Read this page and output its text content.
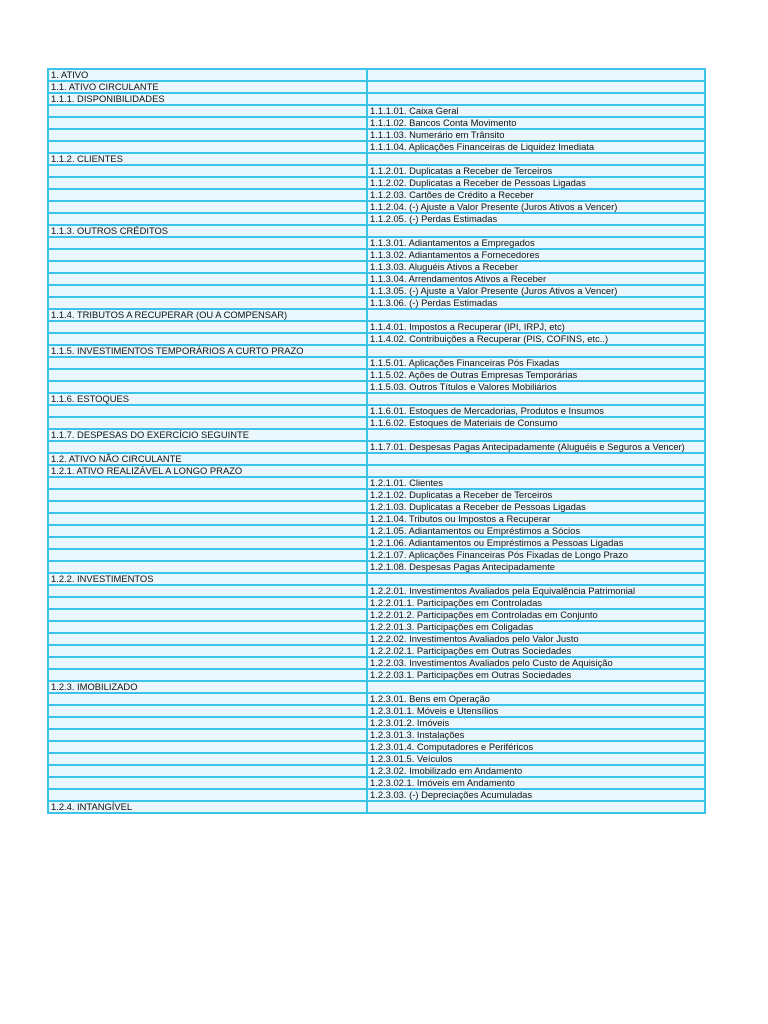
1. ATIVO	
1.1. ATIVO CIRCULANTE	
1.1.1. DISPONIBILIDADES	
	1.1.1.01. Caixa Geral
	1.1.1.02. Bancos Conta Movimento
	1.1.1.03. Numerário em Trânsito
	1.1.1.04. Aplicações Financeiras de Liquidez Imediata
1.1.2. CLIENTES	
	1.1.2.01. Duplicatas a Receber de Terceiros
	1.1.2.02. Duplicatas a Receber de Pessoas Ligadas
	1.1.2.03. Cartões de Crédito a Receber
	1.1.2.04. (-) Ajuste a Valor Presente (Juros Ativos a Vencer)
	1.1.2.05. (-) Perdas Estimadas
1.1.3. OUTROS CRÉDITOS	
	1.1.3.01. Adiantamentos a Empregados
	1.1.3.02. Adiantamentos a Fornecedores
	1.1.3.03. Aluguéis Ativos a Receber
	1.1.3.04. Arrendamentos Ativos a Receber
	1.1.3.05. (-) Ajuste a Valor Presente (Juros Ativos a Vencer)
	1.1.3.06. (-) Perdas Estimadas
1.1.4. TRIBUTOS A RECUPERAR (OU A COMPENSAR)	
	1.1.4.01. Impostos a Recuperar (IPI, IRPJ, etc)
	1.1.4.02. Contribuições a Recuperar (PIS, COFINS, etc..)
1.1.5. INVESTIMENTOS TEMPORÁRIOS A CURTO PRAZO	
	1.1.5.01. Aplicações Financeiras Pós Fixadas
	1.1.5.02. Ações de Outras Empresas Temporárias
	1.1.5.03. Outros Títulos e Valores Mobiliários
1.1.6. ESTOQUES	
	1.1.6.01. Estoques de Mercadorias, Produtos e Insumos
	1.1.6.02. Estoques de Materiais de Consumo
1.1.7. DESPESAS DO EXERCÍCIO SEGUINTE	
	1.1.7.01. Despesas Pagas Antecipadamente (Aluguéis e Seguros a Vencer)
1.2. ATIVO NÃO CIRCULANTE	
1.2.1. ATIVO REALIZÁVEL A LONGO PRAZO	
	1.2.1.01. Clientes
	1.2.1.02. Duplicatas a Receber de Terceiros
	1.2.1.03. Duplicatas a Receber de Pessoas Ligadas
	1.2.1.04. Tributos ou Impostos a Recuperar
	1.2.1.05. Adiantamentos ou Empréstimos a Sócios
	1.2.1.06. Adiantamentos ou Empréstimos a Pessoas Ligadas
	1.2.1.07. Aplicações Financeiras Pós Fixadas de Longo Prazo
	1.2.1.08. Despesas Pagas Antecipadamente
1.2.2. INVESTIMENTOS	
	1.2.2.01. Investimentos Avaliados pela Equivalência Patrimonial
	1.2.2.01.1. Participações em Controladas
	1.2.2.01.2. Participações em Controladas em Conjunto
	1.2.2.01.3. Participações em Coligadas
	1.2.2.02. Investimentos Avaliados pelo Valor Justo
	1.2.2.02.1. Participações em Outras Sociedades
	1.2.2.03. Investimentos Avaliados pelo Custo de Aquisição
	1.2.2.03.1. Participações em Outras Sociedades
1.2.3. IMOBILIZADO	
	1.2.3.01. Bens em Operação
	1.2.3.01.1. Móveis e Utensílios
	1.2.3.01.2. Imóveis
	1.2.3.01.3. Instalações
	1.2.3.01.4. Computadores e Periféricos
	1.2.3.01.5. Veículos
	1.2.3.02. Imobilizado em Andamento
	1.2.3.02.1. Imóveis em Andamento
	1.2.3.03. (-) Depreciações Acumuladas
1.2.4. INTANGÍVEL	
